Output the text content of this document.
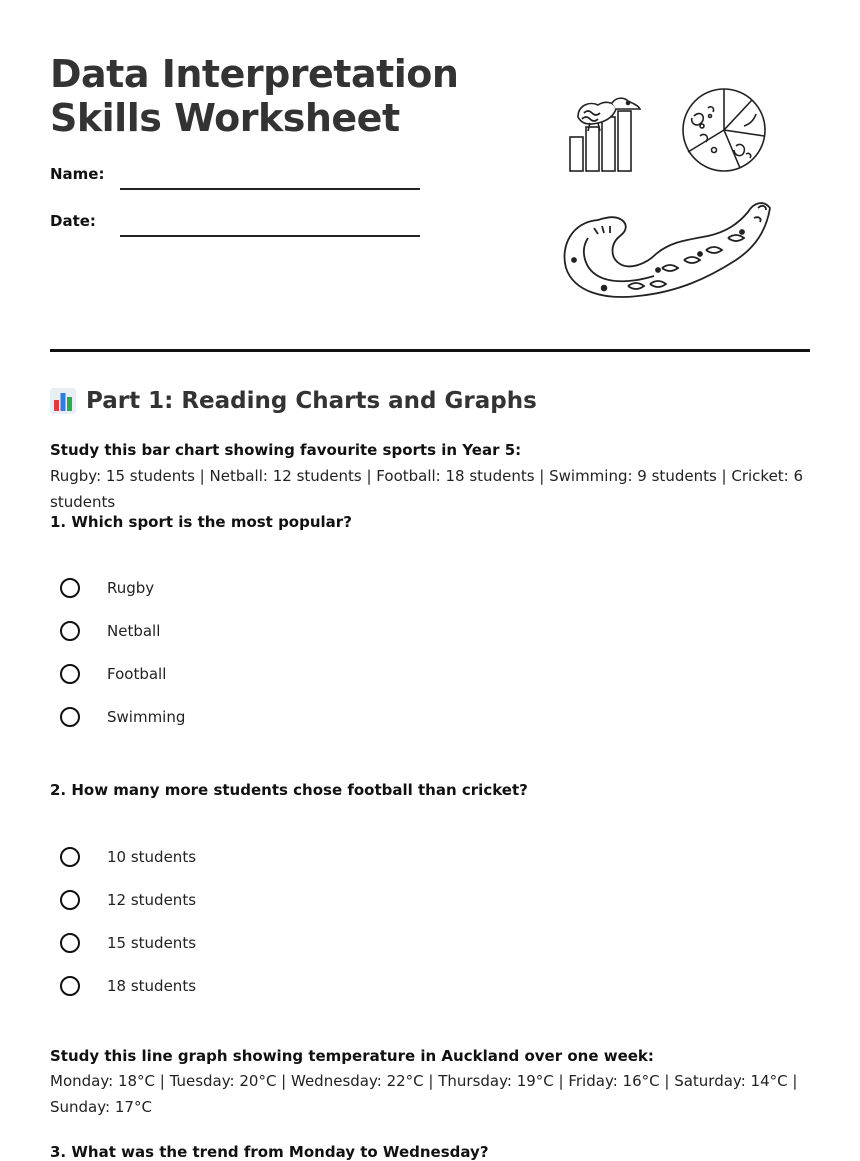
Data Interpretation
Skills Worksheet
Name:
Date:
Part 1: Reading Charts and Graphs
Study this bar chart showing favourite sports in Year 5:
Rugby: 15 students | Netball: 12 students | Football: 18 students | Swimming: 9 students | Cricket: 6 students
1. Which sport is the most popular?
Rugby
Netball
Football
Swimming
2. How many more students chose football than cricket?
10 students
12 students
15 students
18 students
Study this line graph showing temperature in Auckland over one week:
Monday: 18°C | Tuesday: 20°C | Wednesday: 22°C | Thursday: 19°C | Friday: 16°C | Saturday: 14°C | Sunday: 17°C
3. What was the trend from Monday to Wednesday?
